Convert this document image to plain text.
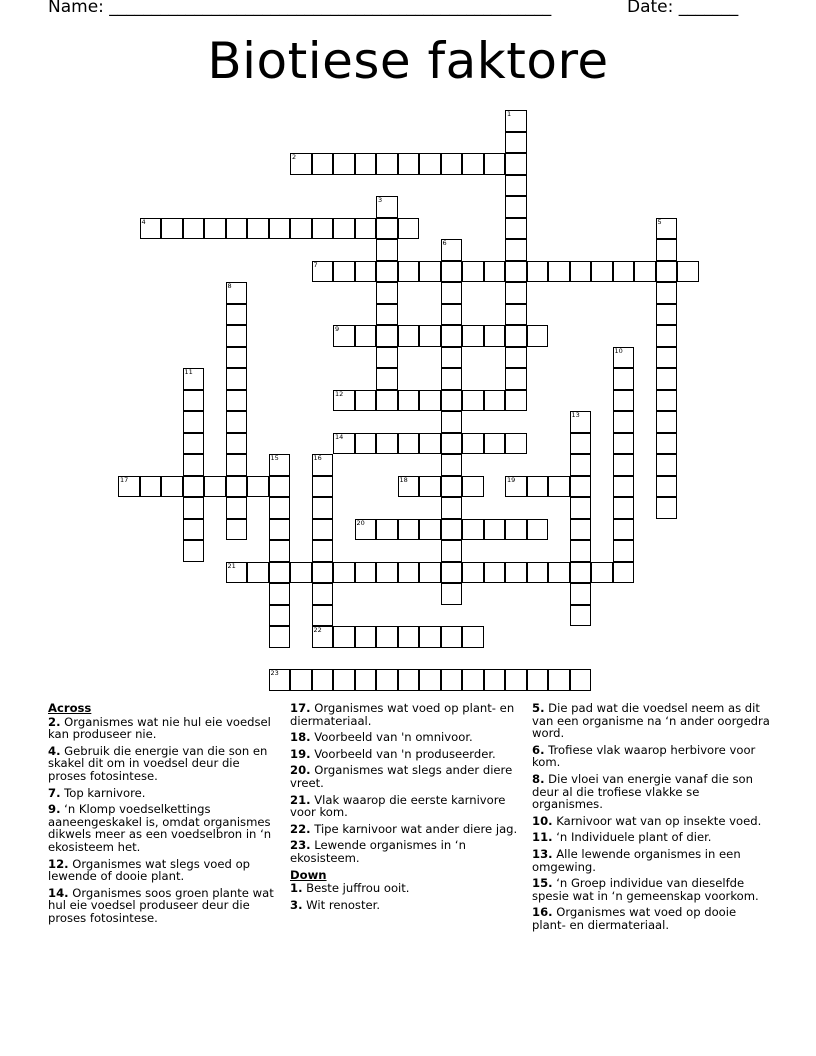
Name: ____________________________________________________	Date: _______
Biotiese faktore
1
2
3
4	5
6
7
8
9
10
11
12
13
14
15	16
17	18	19
20
21
22
23
Across
2. Organismes wat nie hul eie voedsel kan produseer nie.
4. Gebruik die energie van die son en skakel dit om in voedsel deur die proses fotosintese.
7. Top karnivore.
9. ‘n Klomp voedselkettings aaneengeskakel is, omdat organismes dikwels meer as een voedselbron in ‘n ekosisteem het.
12. Organismes wat slegs voed op lewende of dooie plant.
14. Organismes soos groen plante wat hul eie voedsel produseer deur die proses fotosintese.
17. Organismes wat voed op plant- en diermateriaal.
18. Voorbeeld van 'n omnivoor.
19. Voorbeeld van 'n produseerder.
20. Organismes wat slegs ander diere vreet.
21. Vlak waarop die eerste karnivore voor kom.
22. Tipe karnivoor wat ander diere jag.
23. Lewende organismes in ‘n ekosisteem.
Down
1. Beste juffrou ooit.
3. Wit renoster.
5. Die pad wat die voedsel neem as dit van een organisme na ‘n ander oorgedra word.
6. Trofiese vlak waarop herbivore voor kom.
8. Die vloei van energie vanaf die son deur al die trofiese vlakke se organismes.
10. Karnivoor wat van op insekte voed.
11. ‘n Individuele plant of dier.
13. Alle lewende organismes in een omgewing.
15. ‘n Groep individue van dieselfde spesie wat in ‘n gemeenskap voorkom.
16. Organismes wat voed op dooie plant- en diermateriaal.
